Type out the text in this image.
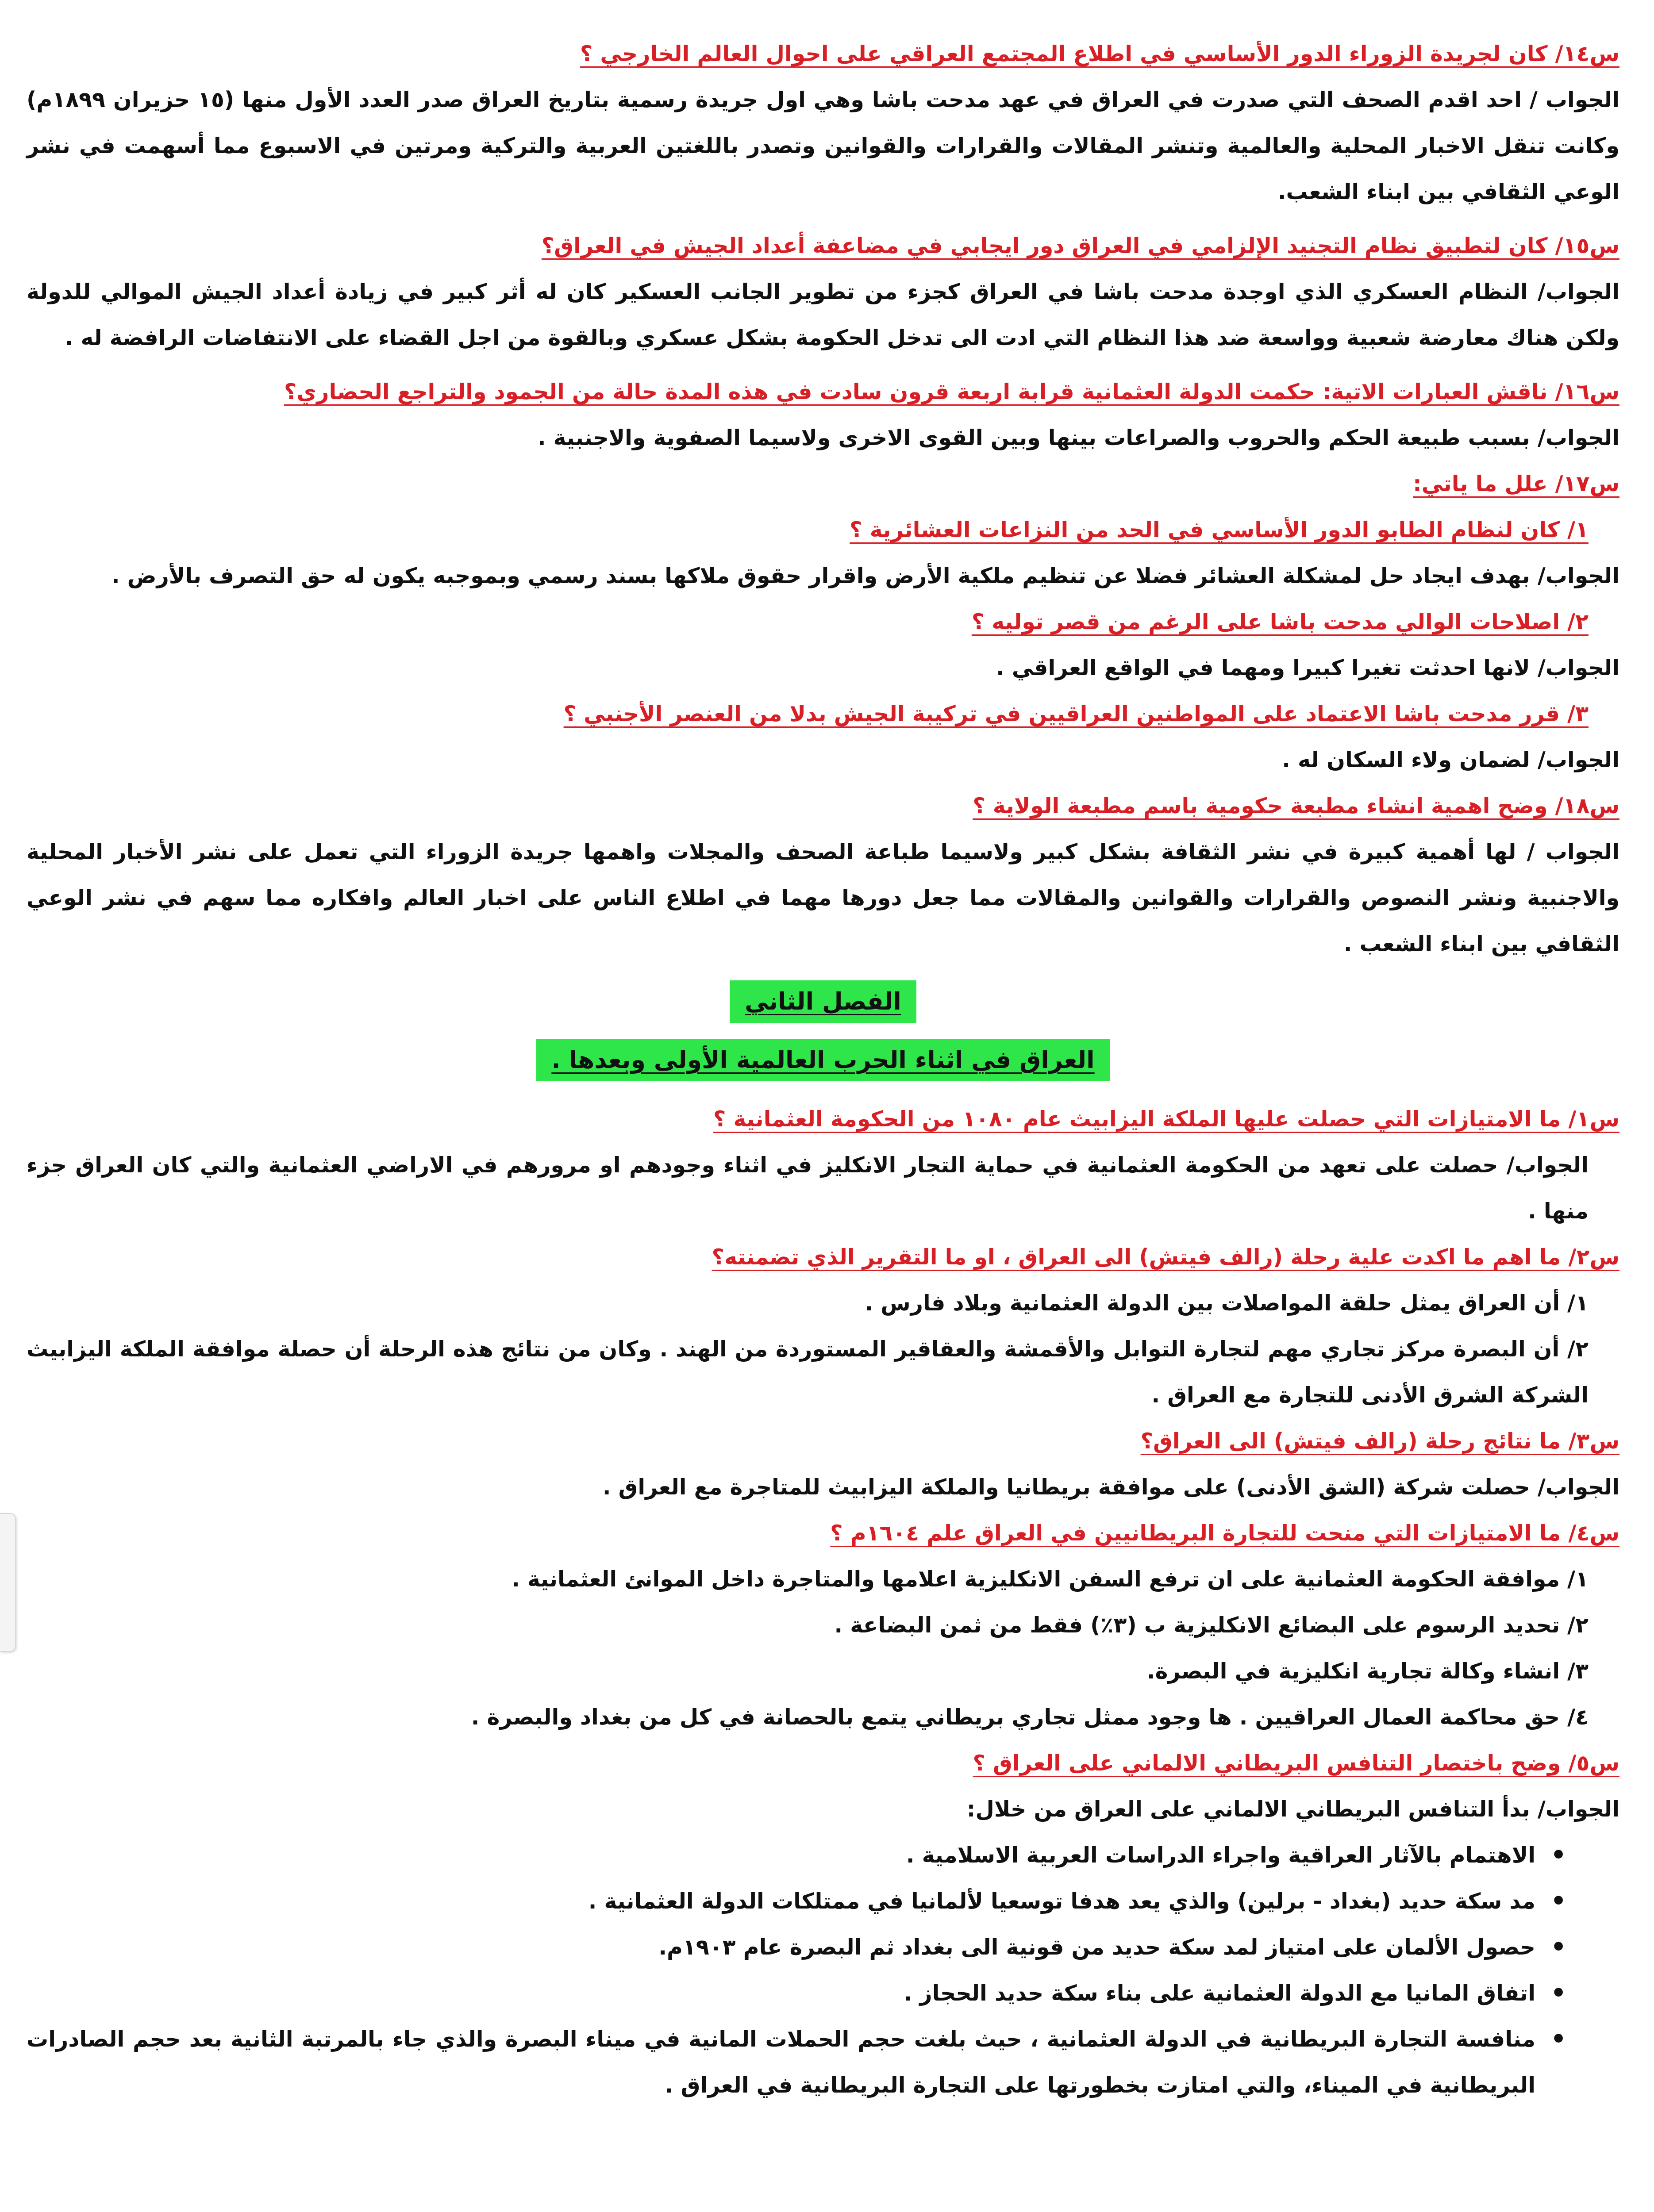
س١٤/ كان لجريدة الزوراء الدور الأساسي في اطلاع المجتمع العراقي على احوال العالم الخارجي ؟
الجواب / احد اقدم الصحف التي صدرت في العراق في عهد مدحت باشا وهي اول جريدة رسمية بتاريخ العراق صدر العدد الأول منها (١٥ حزيران ١٨٩٩م) وكانت تنقل الاخبار المحلية والعالمية وتنشر المقالات والقرارات والقوانين وتصدر باللغتين العربية والتركية ومرتين في الاسبوع مما أسهمت في نشر الوعي الثقافي بين ابناء الشعب.
س١٥/ كان لتطبيق نظام التجنيد الإلزامي في العراق دور ايجابي في مضاعفة أعداد الجيش في العراق؟
الجواب/ النظام العسكري الذي اوجدة مدحت باشا في العراق كجزء من تطوير الجانب العسكير كان له أثر كبير في زيادة أعداد الجيش الموالي للدولة ولكن هناك معارضة شعبية وواسعة ضد هذا النظام التي ادت الى تدخل الحكومة بشكل عسكري وبالقوة من اجل القضاء على الانتفاضات الرافضة له .
س١٦/ ناقش العبارات الاتية: حكمت الدولة العثمانية قرابة اربعة قرون سادت في هذه المدة حالة من الجمود والتراجع الحضاري؟
الجواب/ بسبب طبيعة الحكم والحروب والصراعات بينها وبين القوى الاخرى ولاسيما الصفوية والاجنبية .
س١٧/ علل ما ياتي:
١/ كان لنظام الطابو الدور الأساسي في الحد من النزاعات العشائرية ؟
الجواب/ بهدف ايجاد حل لمشكلة العشائر فضلا عن تنظيم ملكية الأرض واقرار حقوق ملاكها بسند رسمي وبموجبه يكون له حق التصرف بالأرض .
٢/ اصلاحات الوالي مدحت باشا على الرغم من قصر توليه ؟
الجواب/ لانها احدثت تغيرا كبيرا ومهما في الواقع العراقي .
٣/ قرر مدحت باشا الاعتماد على المواطنين العراقيين في تركيبة الجيش بدلا من العنصر الأجنبي ؟
الجواب/ لضمان ولاء السكان له .
س١٨/ وضح اهمية انشاء مطبعة حكومية باسم مطبعة الولاية ؟
الجواب / لها أهمية كبيرة في نشر الثقافة بشكل كبير ولاسيما طباعة الصحف والمجلات واهمها جريدة الزوراء التي تعمل على نشر الأخبار المحلية والاجنبية ونشر النصوص والقرارات والقوانين والمقالات مما جعل دورها مهما في اطلاع الناس على اخبار العالم وافكاره مما سهم في نشر الوعي الثقافي بين ابناء الشعب .
الفصل الثاني
العراق في اثناء الحرب العالمية الأولى وبعدها .
س١/ ما الامتيازات التي حصلت عليها الملكة اليزابيث عام ١٠٨٠ من الحكومة العثمانية ؟
الجواب/ حصلت على تعهد من الحكومة العثمانية في حماية التجار الانكليز في اثناء وجودهم او مرورهم في الاراضي العثمانية والتي كان العراق جزء منها .
س٢/ ما اهم ما اكدت علية رحلة (رالف فيتش) الى العراق ، او ما التقرير الذي تضمنته؟
١/ أن العراق يمثل حلقة المواصلات بين الدولة العثمانية وبلاد فارس .
٢/ أن البصرة مركز تجاري مهم لتجارة التوابل والأقمشة والعقاقير المستوردة من الهند . وكان من نتائج هذه الرحلة أن حصلة موافقة الملكة اليزابيث الشركة الشرق الأدنى للتجارة مع العراق .
س٣/ ما نتائج رحلة (رالف فيتش) الى العراق؟
الجواب/ حصلت شركة (الشق الأدنى) على موافقة بريطانيا والملكة اليزابيث للمتاجرة مع العراق .
س٤/ ما الامتيازات التي منحت للتجارة البريطانيين في العراق علم ١٦٠٤م ؟
١/ موافقة الحكومة العثمانية على ان ترفع السفن الانكليزية اعلامها والمتاجرة داخل الموانئ العثمانية .
٢/ تحديد الرسوم على البضائع الانكليزية ب (٣٪) فقط من ثمن البضاعة .
٣/ انشاء وكالة تجارية انكليزية في البصرة.
٤/ حق محاكمة العمال العراقيين . ها وجود ممثل تجاري بريطاني يتمع بالحصانة في كل من بغداد والبصرة .
س٥/ وضح باختصار التنافس البريطاني الالماني على العراق ؟
الجواب/ بدأ التنافس البريطاني الالماني على العراق من خلال:
• الاهتمام بالآثار العراقية واجراء الدراسات العربية الاسلامية .
• مد سكة حديد (بغداد - برلين) والذي يعد هدفا توسعيا لألمانيا في ممتلكات الدولة العثمانية .
• حصول الألمان على امتياز لمد سكة حديد من قونية الى بغداد ثم البصرة عام ١٩٠٣م.
• اتفاق المانيا مع الدولة العثمانية على بناء سكة حديد الحجاز .
• منافسة التجارة البريطانية في الدولة العثمانية ، حيث بلغت حجم الحملات المانية في ميناء البصرة والذي جاء بالمرتبة الثانية بعد حجم الصادرات البريطانية في الميناء، والتي امتازت بخطورتها على التجارة البريطانية في العراق .
